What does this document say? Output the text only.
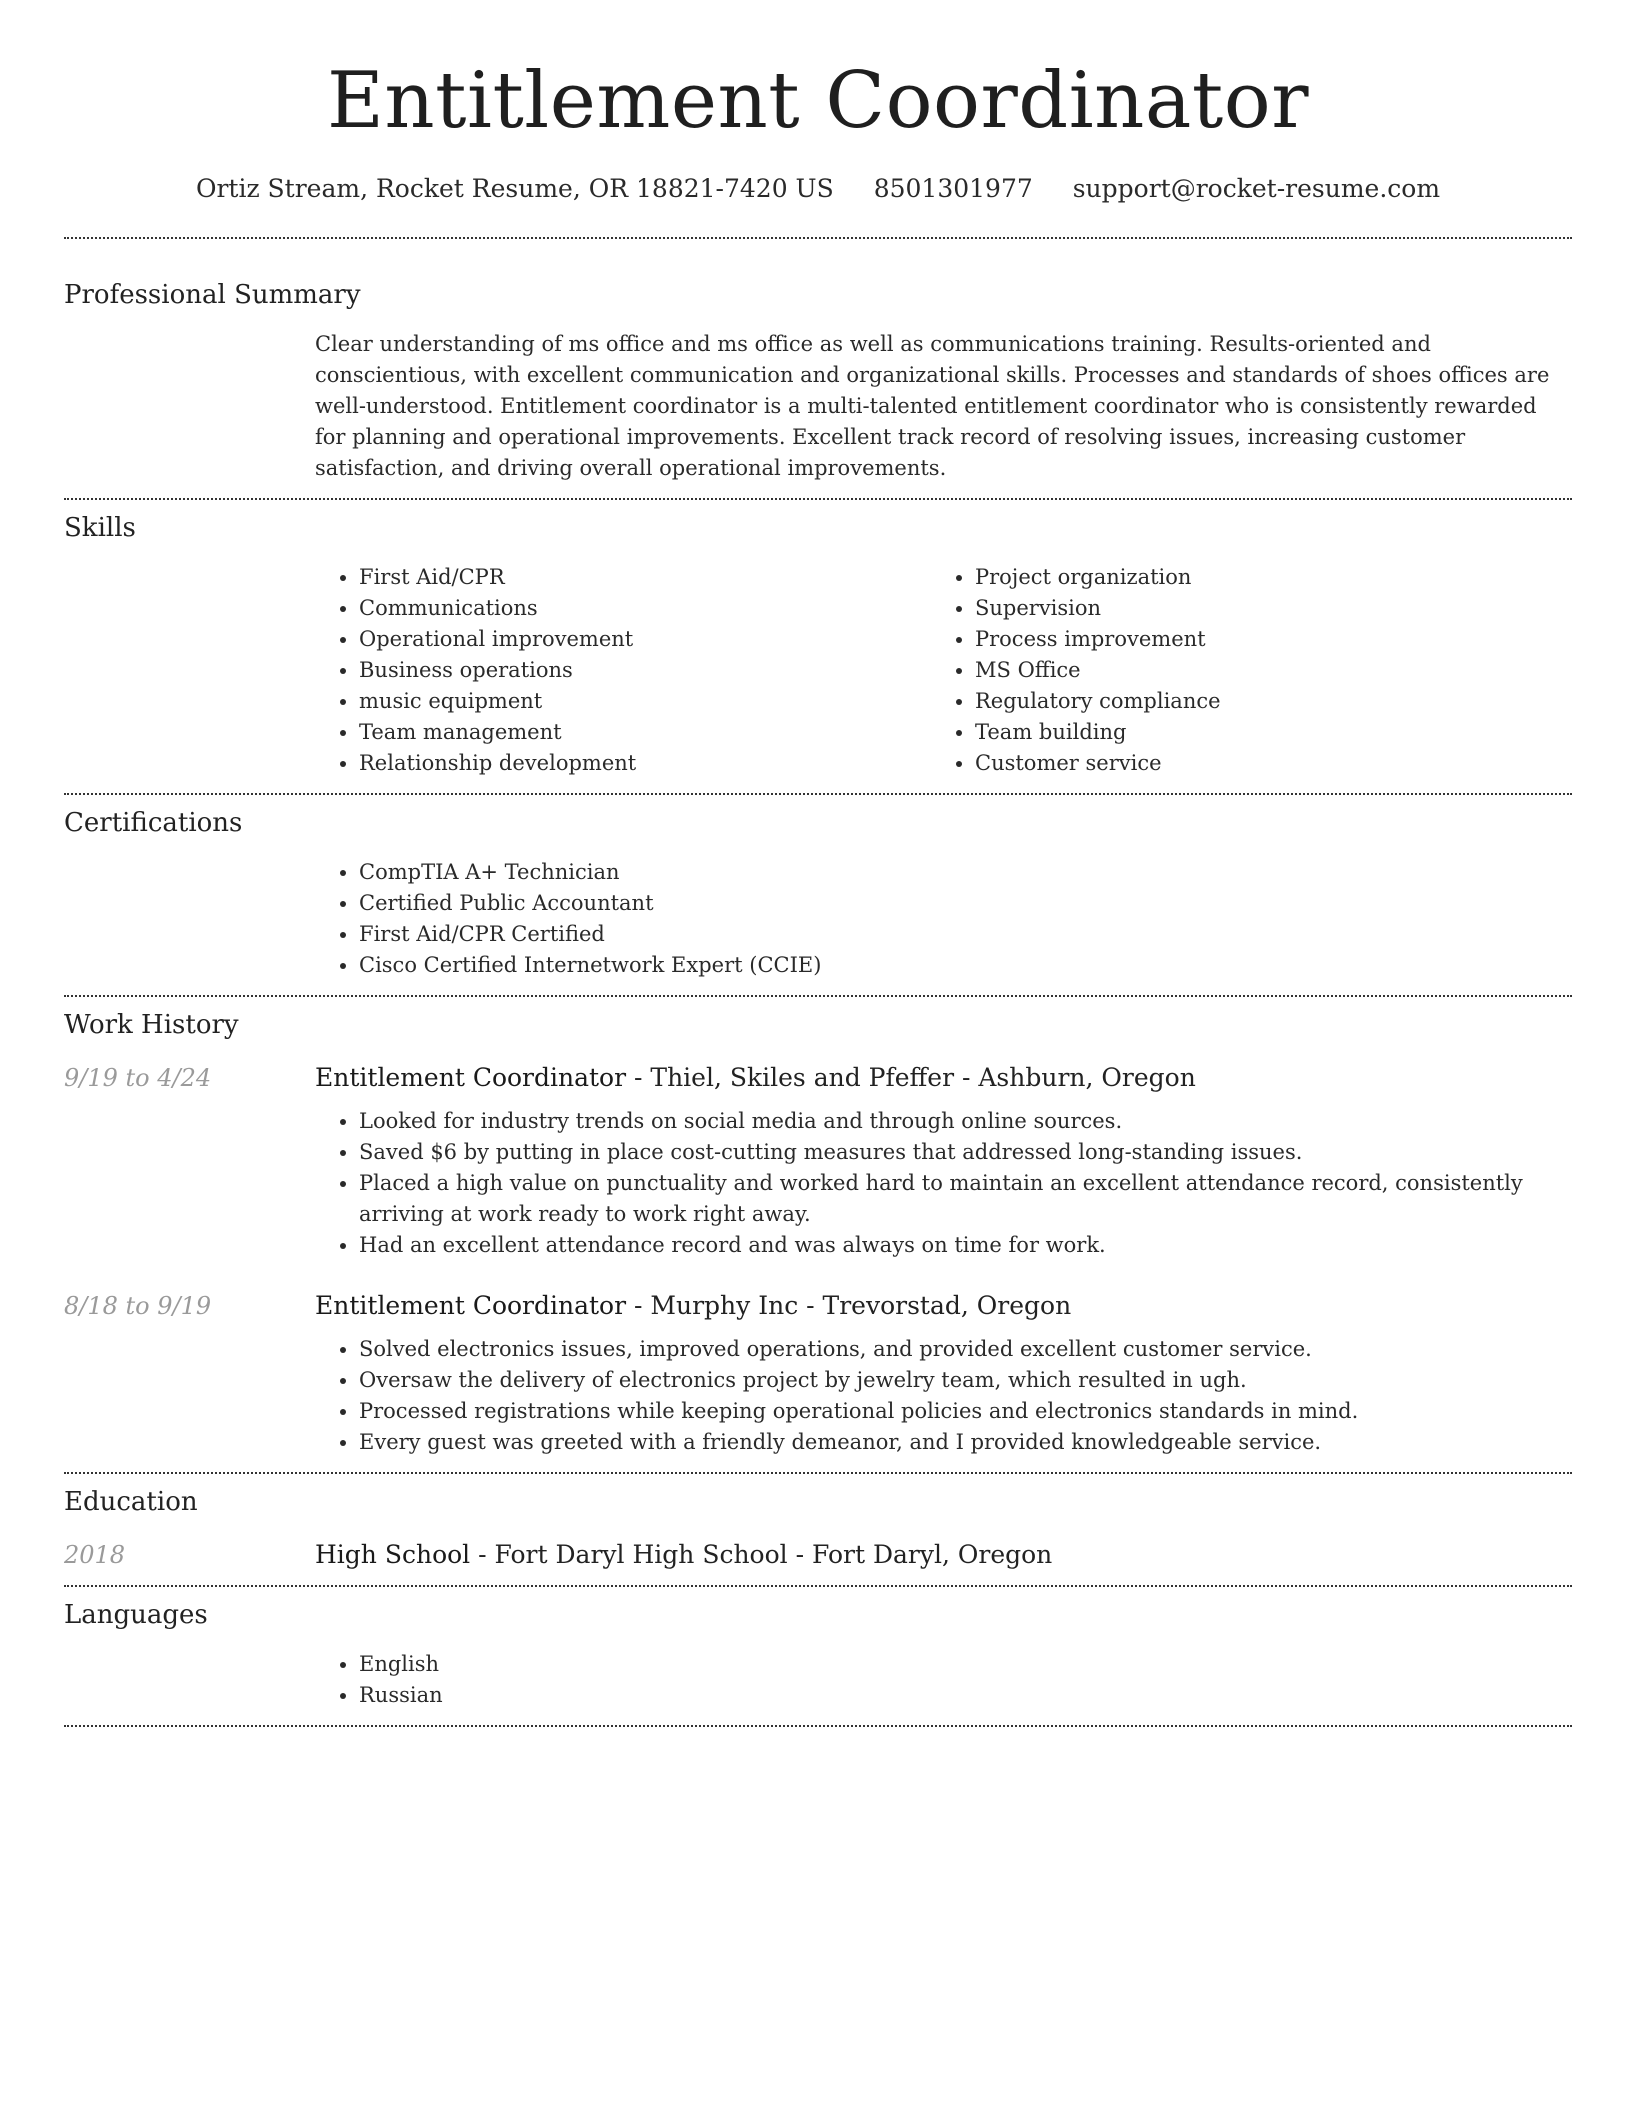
Entitlement Coordinator
Ortiz Stream, Rocket Resume, OR 18821-7420 US 8501301977 support@rocket-resume.com
Professional Summary
Clear understanding of ms office and ms office as well as communications training. Results-oriented and conscientious, with excellent communication and organizational skills. Processes and standards of shoes offices are well-understood. Entitlement coordinator is a multi-talented entitlement coordinator who is consistently rewarded for planning and operational improvements. Excellent track record of resolving issues, increasing customer satisfaction, and driving overall operational improvements.
Skills
• First Aid/CPR
• Communications
• Operational improvement
• Business operations
• music equipment
• Team management
• Relationship development
• Project organization
• Supervision
• Process improvement
• MS Office
• Regulatory compliance
• Team building
• Customer service
Certifications
• CompTIA A+ Technician
• Certified Public Accountant
• First Aid/CPR Certified
• Cisco Certified Internetwork Expert (CCIE)
Work History
9/19 to 4/24	Entitlement Coordinator - Thiel, Skiles and Pfeffer - Ashburn, Oregon
• Looked for industry trends on social media and through online sources.
• Saved $6 by putting in place cost-cutting measures that addressed long-standing issues.
• Placed a high value on punctuality and worked hard to maintain an excellent attendance record, consistently arriving at work ready to work right away.
• Had an excellent attendance record and was always on time for work.
8/18 to 9/19	Entitlement Coordinator - Murphy Inc - Trevorstad, Oregon
• Solved electronics issues, improved operations, and provided excellent customer service.
• Oversaw the delivery of electronics project by jewelry team, which resulted in ugh.
• Processed registrations while keeping operational policies and electronics standards in mind.
• Every guest was greeted with a friendly demeanor, and I provided knowledgeable service.
Education
2018	High School - Fort Daryl High School - Fort Daryl, Oregon
Languages
• English
• Russian
